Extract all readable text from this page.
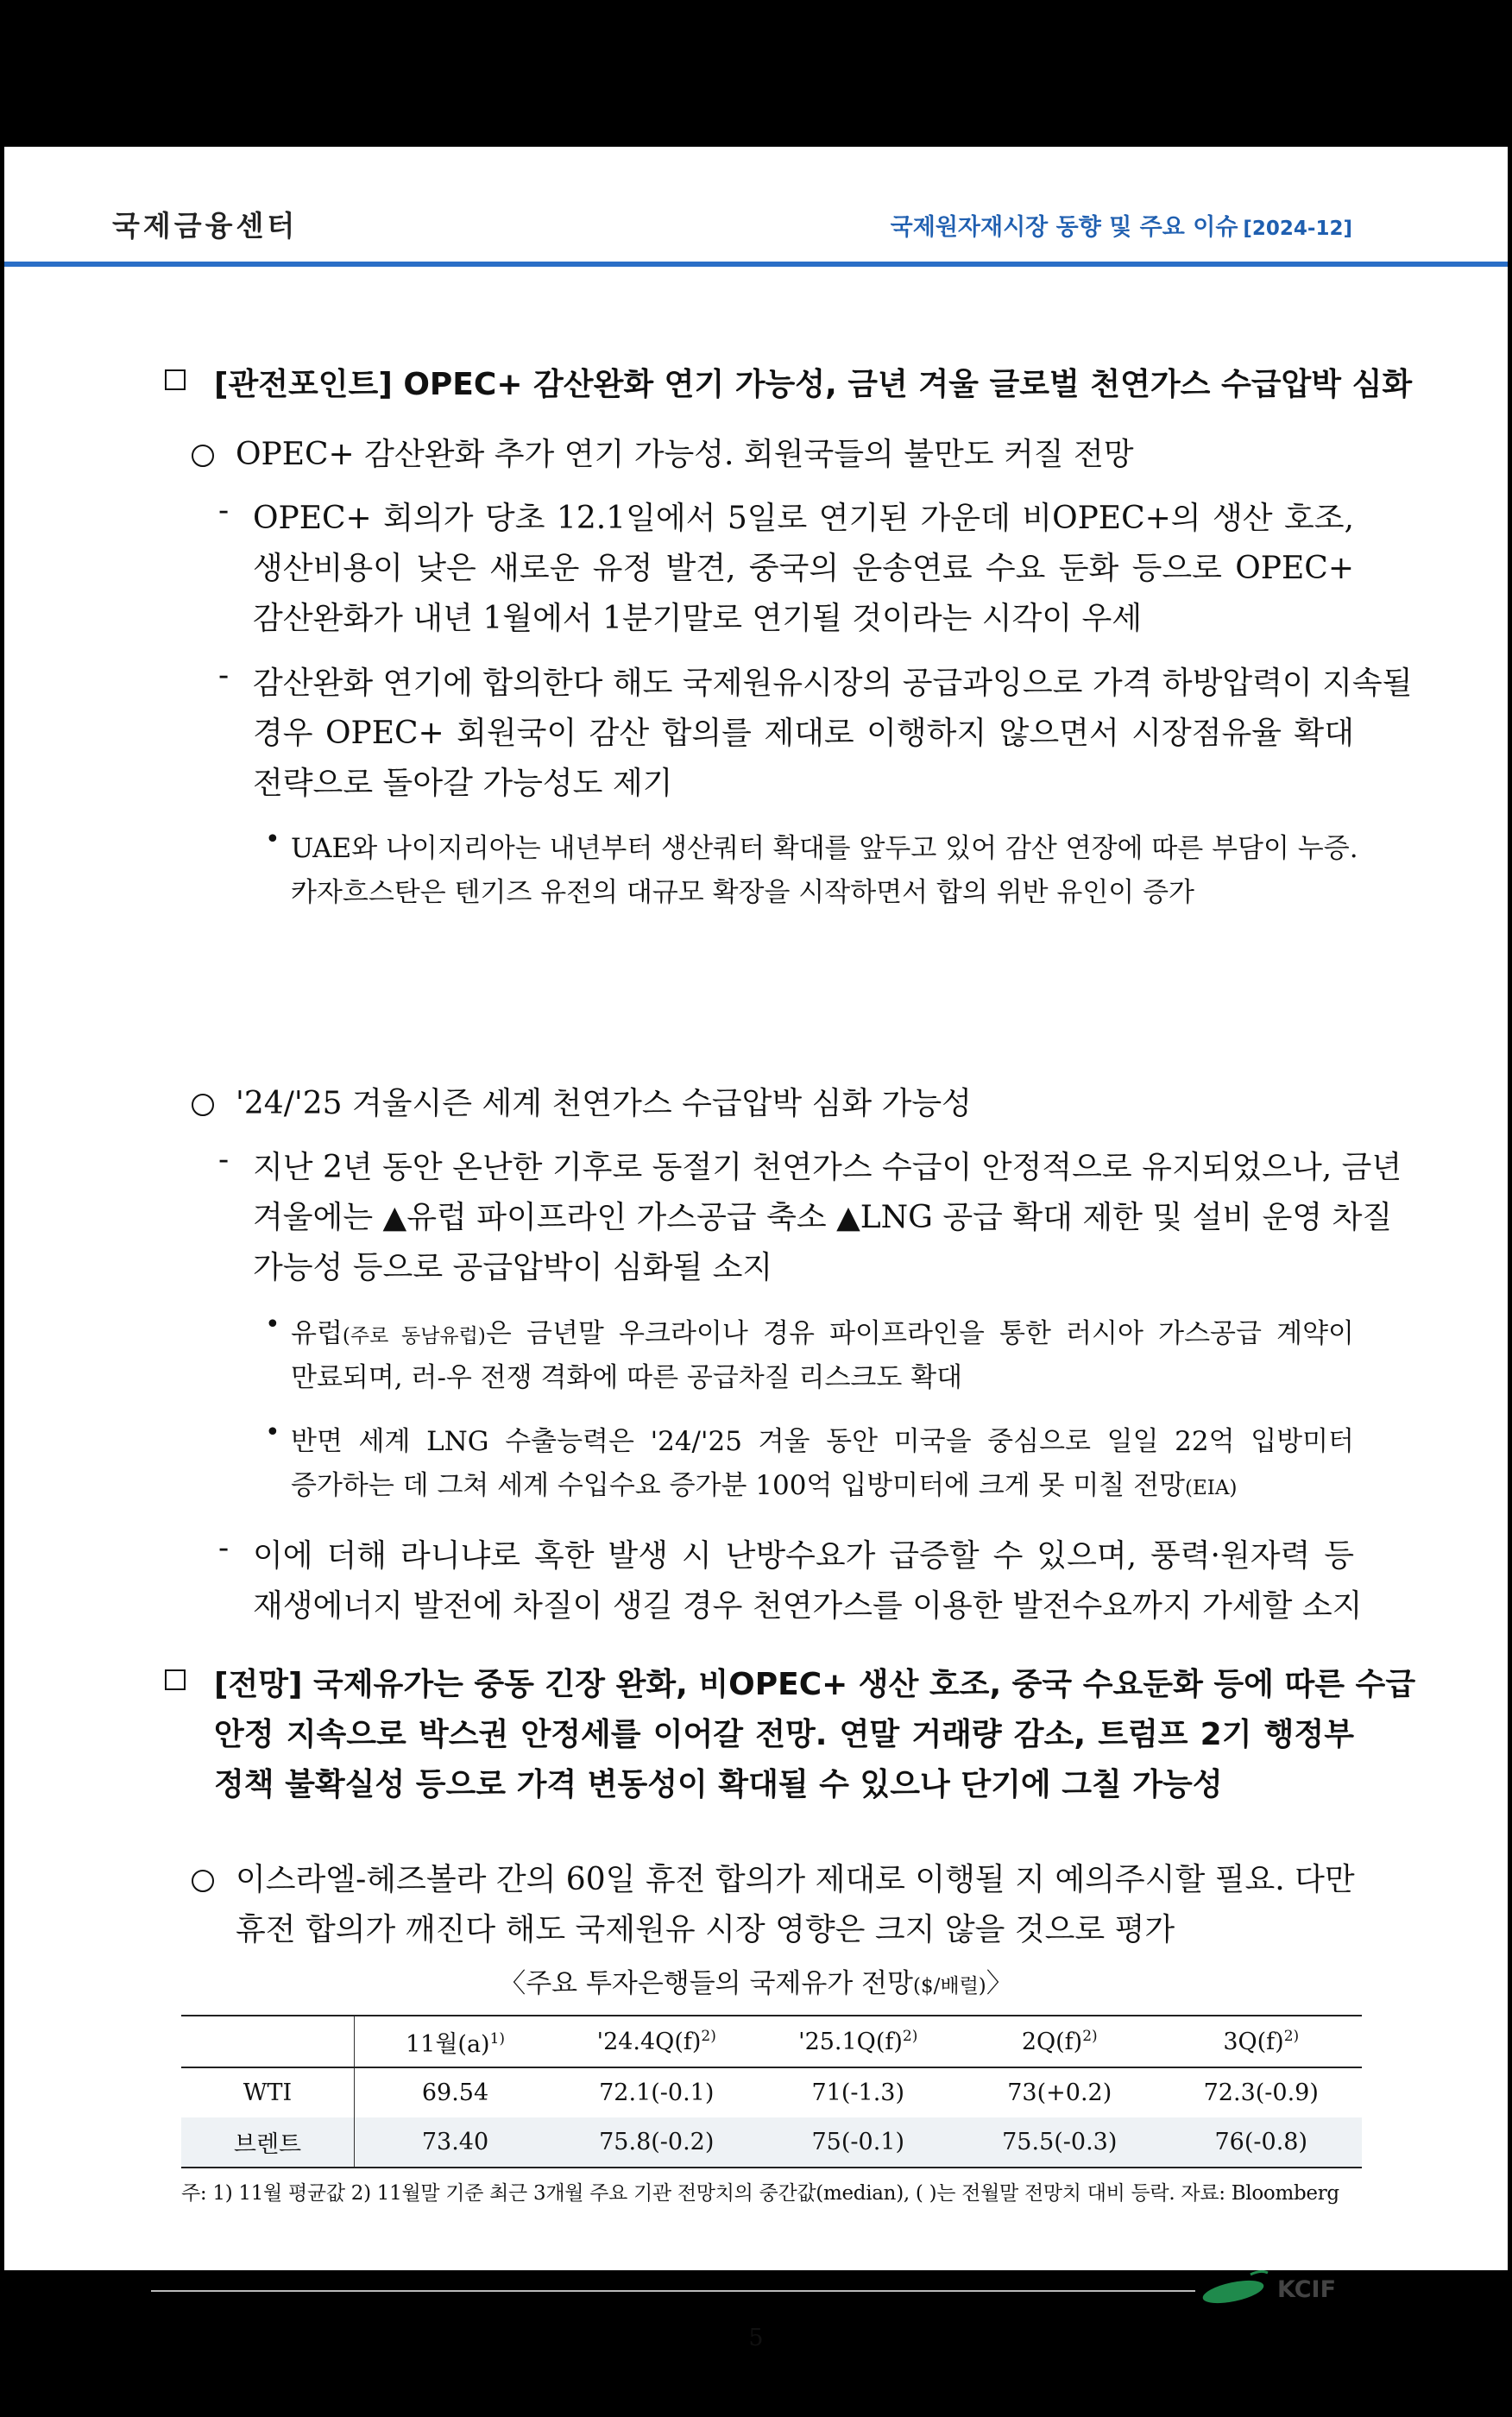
국제금융센터	국제원자재시장 동향 및 주요 이슈 [2024-12]
[관전포인트] OPEC+ 감산완화 연기 가능성, 금년 겨울 글로벌 천연가스 수급압박 심화
OPEC+ 감산완화 추가 연기 가능성. 회원국들의 불만도 커질 전망
- OPEC+ 회의가 당초 12.1일에서 5일로 연기된 가운데 비OPEC+의 생산 호조,
생산비용이 낮은 새로운 유정 발견, 중국의 운송연료 수요 둔화 등으로 OPEC+
감산완화가 내년 1월에서 1분기말로 연기될 것이라는 시각이 우세
- 감산완화 연기에 합의한다 해도 국제원유시장의 공급과잉으로 가격 하방압력이 지속될
경우 OPEC+ 회원국이 감산 합의를 제대로 이행하지 않으면서 시장점유율 확대
전략으로 돌아갈 가능성도 제기
• UAE와 나이지리아는 내년부터 생산쿼터 확대를 앞두고 있어 감산 연장에 따른 부담이 누증.
카자흐스탄은 텐기즈 유전의 대규모 확장을 시작하면서 합의 위반 유인이 증가
'24/'25 겨울시즌 세계 천연가스 수급압박 심화 가능성
- 지난 2년 동안 온난한 기후로 동절기 천연가스 수급이 안정적으로 유지되었으나, 금년
겨울에는 ▲유럽 파이프라인 가스공급 축소 ▲LNG 공급 확대 제한 및 설비 운영 차질
가능성 등으로 공급압박이 심화될 소지
• 유럽(주로 동남유럽)은 금년말 우크라이나 경유 파이프라인을 통한 러시아 가스공급 계약이
만료되며, 러-우 전쟁 격화에 따른 공급차질 리스크도 확대
• 반면 세계 LNG 수출능력은 '24/'25 겨울 동안 미국을 중심으로 일일 22억 입방미터
증가하는 데 그쳐 세계 수입수요 증가분 100억 입방미터에 크게 못 미칠 전망(EIA)
- 이에 더해 라니냐로 혹한 발생 시 난방수요가 급증할 수 있으며, 풍력·원자력 등
재생에너지 발전에 차질이 생길 경우 천연가스를 이용한 발전수요까지 가세할 소지
[전망] 국제유가는 중동 긴장 완화, 비OPEC+ 생산 호조, 중국 수요둔화 등에 따른 수급
안정 지속으로 박스권 안정세를 이어갈 전망. 연말 거래량 감소, 트럼프 2기 행정부
정책 불확실성 등으로 가격 변동성이 확대될 수 있으나 단기에 그칠 가능성
이스라엘-헤즈볼라 간의 60일 휴전 합의가 제대로 이행될 지 예의주시할 필요. 다만
휴전 합의가 깨진다 해도 국제원유 시장 영향은 크지 않을 것으로 평가
〈주요 투자은행들의 국제유가 전망($/배럴)〉
	11월$(a)^{1)}$	'$24.4Q(f)^{2)}$	'$25.1Q(f)^{2)}$	$2Q(f)^{2)}$	$3Q(f)^{2)}$
WTI	69.54	72.1(-0.1)	71(-1.3)	73(+0.2)	72.3(-0.9)
브렌트	73.40	75.8(-0.2)	75(-0.1)	75.5(-0.3)	76(-0.8)
주: 1) 11월 평균값 2) 11월말 기준 최근 3개월 주요 기관 전망치의 중간값(median), ( )는 전월말 전망치 대비 등락. 자료: Bloomberg
KCIF
5
